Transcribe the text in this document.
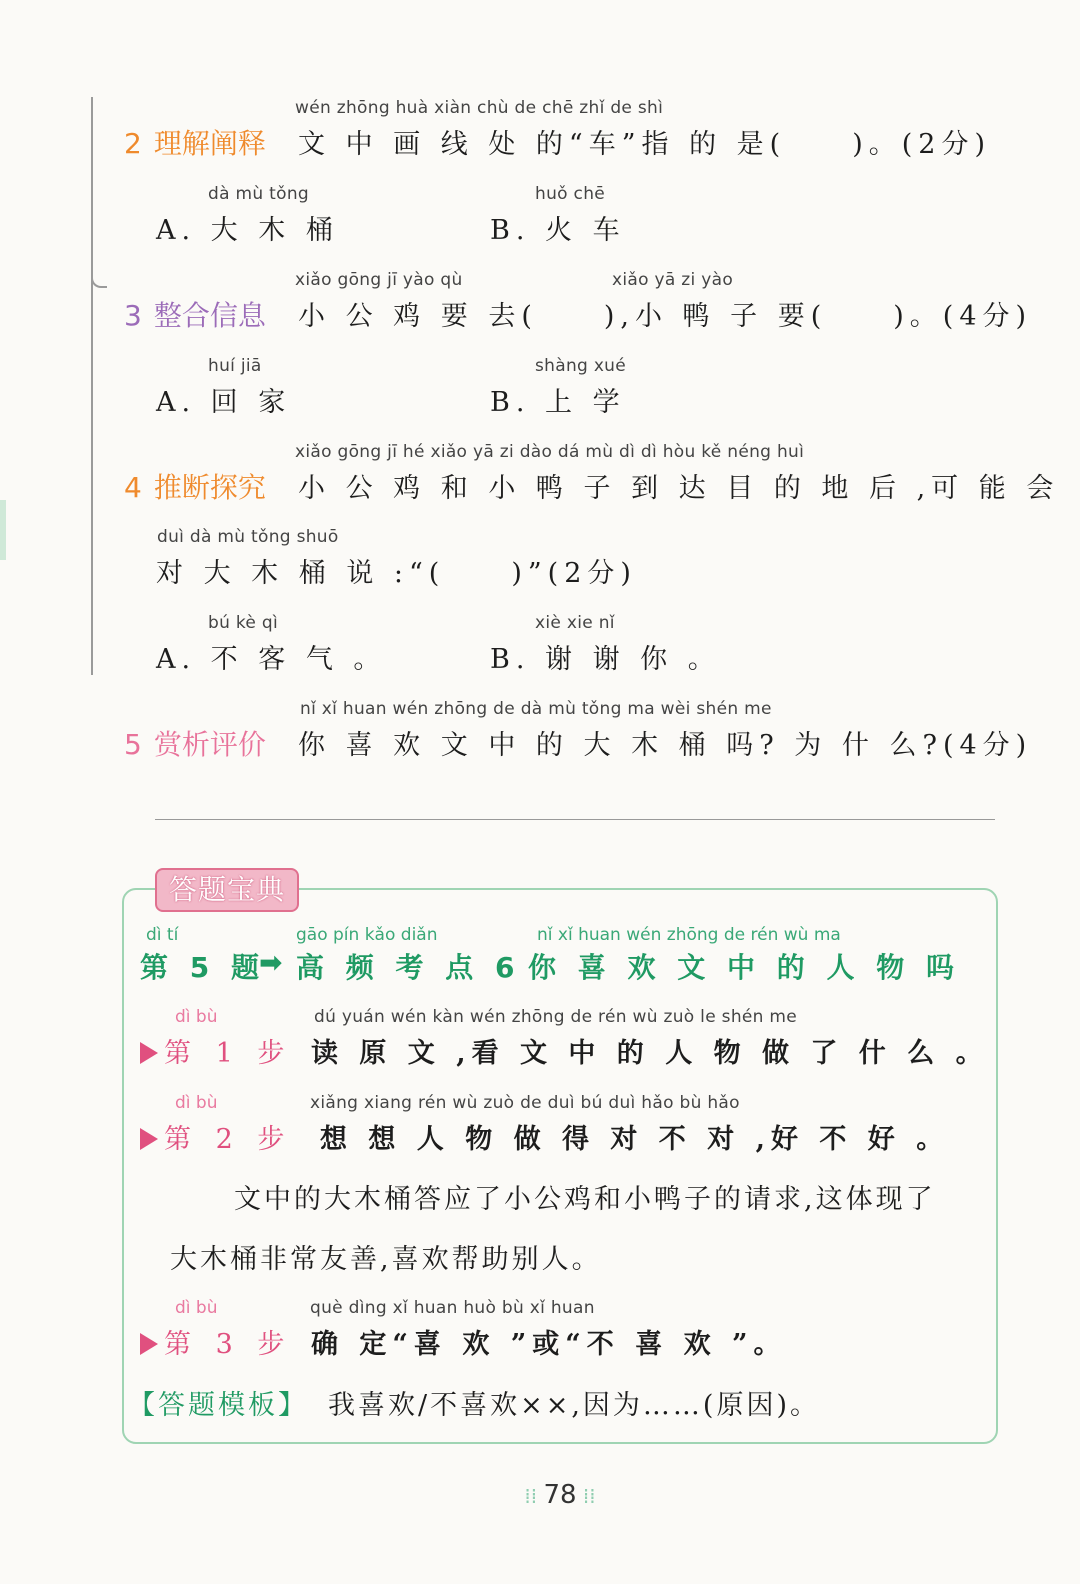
wén zhōng huà xiàn chù de chē zhǐ de shì
2 理解阐释 文 中 画 线 处 的“车”指 的 是(　　)。(2分)
dà mù tǒng
A. 大 木 桶
huǒ chē
B. 火 车
xiǎo gōng jī yào qù	xiǎo yā zi yào
3 整合信息 小 公 鸡 要 去(　　),小 鸭 子 要(　　)。(4分)
huí jiā
A. 回 家
shàng xué
B. 上 学
xiǎo gōng jī hé xiǎo yā zi dào dá mù dì dì hòu kě néng huì
4 推断探究 小 公 鸡 和 小 鸭 子 到 达 目 的 地 后 ,可 能 会
duì dà mù tǒng shuō
对 大 木 桶 说 :“(　　)”(2分)
bú kè qì
A. 不 客 气 。
xiè xie nǐ
B. 谢 谢 你 。
nǐ xǐ huan wén zhōng de dà mù tǒng ma wèi shén me
5 赏析评价 你 喜 欢 文 中 的 大 木 桶 吗? 为 什 么?(4分)
答题宝典
dì tí	gāo pín kǎo diǎn	nǐ xǐ huan wén zhōng de rén wù ma
第 5 题
➡ 高 频 考 点 6 你 喜 欢 文 中 的 人 物 吗
dì bù
第 1 步
dú yuán wén kàn wén zhōng de rén wù zuò le shén me
读 原 文 ,看 文 中 的 人 物 做 了 什 么 。
dì bù
第 2 步
xiǎng xiang rén wù zuò de duì bú duì hǎo bù hǎo
想 想 人 物 做 得 对 不 对 ,好 不 好 。
文中的大木桶答应了小公鸡和小鸭子的请求,这体现了
大木桶非常友善,喜欢帮助别人。
dì bù
第 3 步
què dìng xǐ huan huò bù xǐ huan
确 定“喜 欢 ”或“不 喜 欢 ”。
【答题模板】 我喜欢/不喜欢××,因为……(原因)。
⁞⁞ 78 ⁞⁞
